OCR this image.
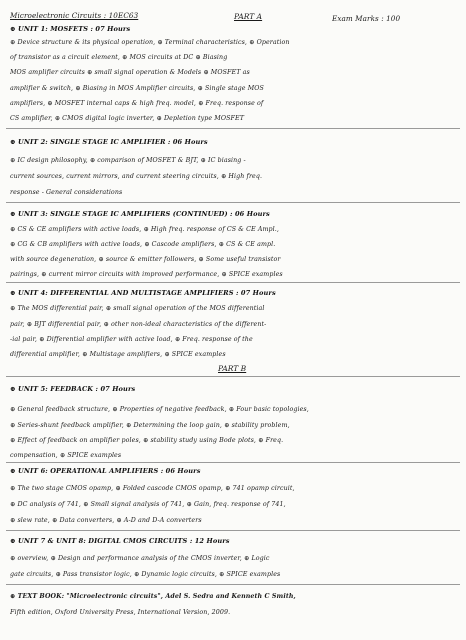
Microelectronic Circuits : 10EC63	PART A	Exam Marks : 100
⊕ UNIT 1: MOSFETS : 07 Hours
⊕ Device structure & its physical operation, ⊕ Terminal characteristics, ⊕ Operation
of transistor as a circuit element, ⊕ MOS circuits at DC ⊕ Biasing
MOS amplifier circuits ⊕ small signal operation & Models ⊕ MOSFET as
amplifier & switch, ⊕ Biasing in MOS Amplifier circuits, ⊕ Single stage MOS
amplifiers, ⊕ MOSFET internal caps & high freq. model, ⊕ Freq. response of
CS amplifier, ⊕ CMOS digital logic inverter, ⊕ Depletion type MOSFET
⊕ UNIT 2: SINGLE STAGE IC AMPLIFIER : 06 Hours
⊕ IC design philosophy, ⊕ comparison of MOSFET & BJT, ⊕ IC biasing -
current sources, current mirrors, and current steering circuits, ⊕ High freq.
response - General considerations
⊕ UNIT 3: SINGLE STAGE IC AMPLIFIERS (CONTINUED) : 06 Hours
⊕ CS & CE amplifiers with active loads, ⊕ High freq. response of CS & CE Ampl.,
⊕ CG & CB amplifiers with active loads, ⊕ Cascode amplifiers, ⊕ CS & CE ampl.
with source degeneration, ⊕ source & emitter followers, ⊕ Some useful transistor
pairings, ⊕ current mirror circuits with improved performance, ⊕ SPICE examples
⊕ UNIT 4: DIFFERENTIAL AND MULTISTAGE AMPLIFIERS : 07 Hours
⊕ The MOS differential pair, ⊕ small signal operation of the MOS differential
pair, ⊕ BJT differential pair, ⊕ other non-ideal characteristics of the different-
-ial pair, ⊕ Differential amplifier with active load, ⊕ Freq. response of the
differential amplifier, ⊕ Multistage amplifiers, ⊕ SPICE examples
PART B
⊕ UNIT 5: FEEDBACK : 07 Hours
⊕ General feedback structure, ⊕ Properties of negative feedback, ⊕ Four basic topologies,
⊕ Series-shunt feedback amplifier, ⊕ Determining the loop gain, ⊕ stability problem,
⊕ Effect of feedback on amplifier poles, ⊕ stability study using Bode plots, ⊕ Freq.
compensation, ⊕ SPICE examples
⊕ UNIT 6: OPERATIONAL AMPLIFIERS : 06 Hours
⊕ The two stage CMOS opamp, ⊕ Folded cascode CMOS opamp, ⊕ 741 opamp circuit,
⊕ DC analysis of 741, ⊕ Small signal analysis of 741, ⊕ Gain, freq. response of 741,
⊕ slew rate, ⊕ Data converters, ⊕ A-D and D-A converters
⊕ UNIT 7 & UNIT 8: DIGITAL CMOS CIRCUITS : 12 Hours
⊕ overview, ⊕ Design and performance analysis of the CMOS inverter, ⊕ Logic
gate circuits, ⊕ Pass transistor logic, ⊕ Dynamic logic circuits, ⊕ SPICE examples
⊕ TEXT BOOK: "Microelectronic circuits", Adel S. Sedra and Kenneth C Smith,
Fifth edition, Oxford University Press, International Version, 2009.
